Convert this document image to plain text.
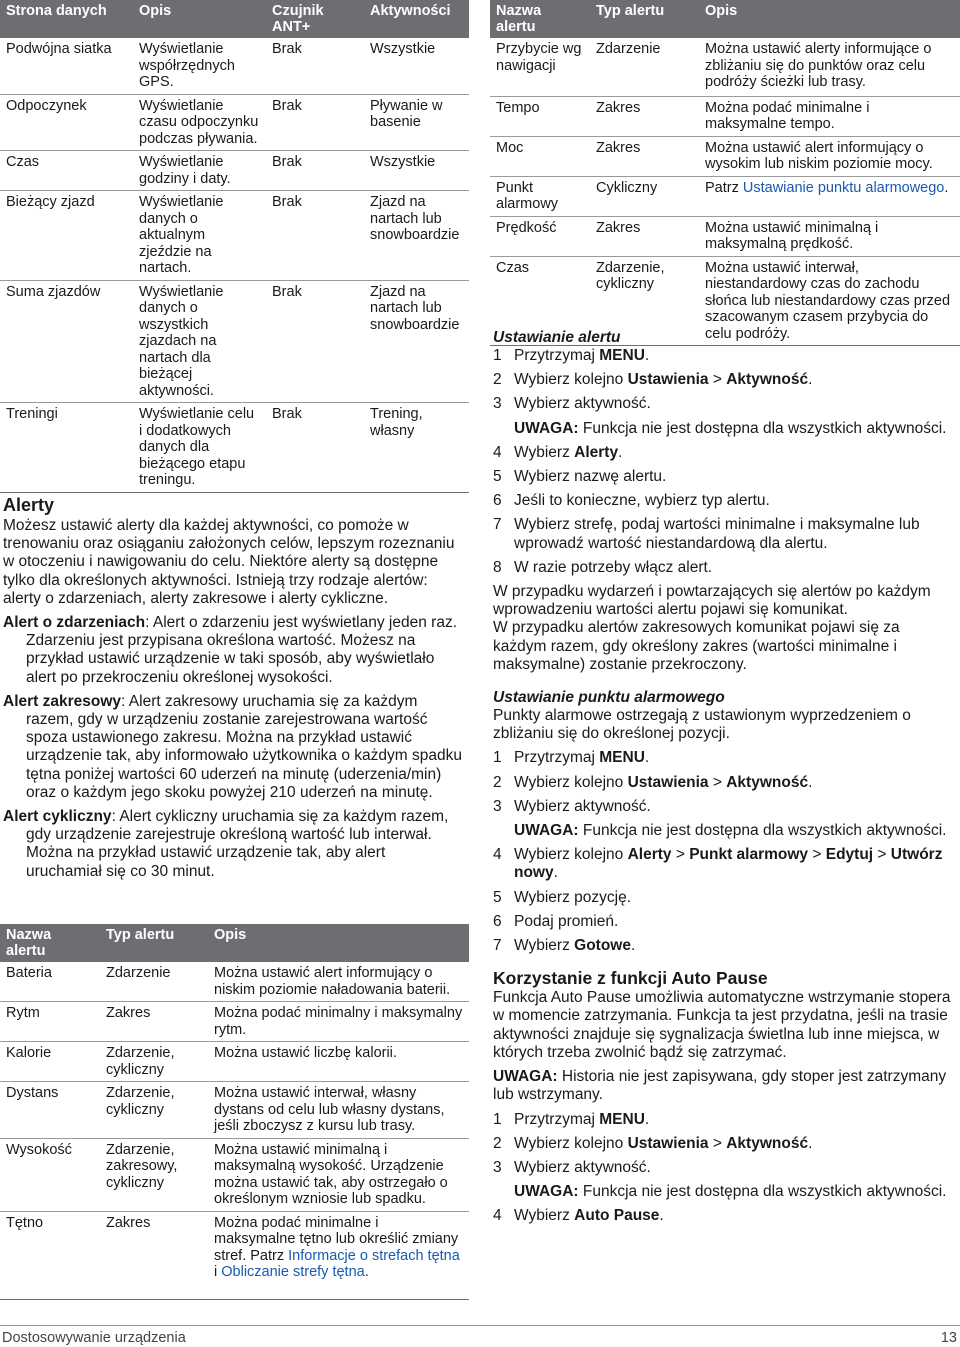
Strona danych	Opis	Czujnik ANT+	Aktywności
Podwójna siatka	Wyświetlanie współrzędnych GPS.	Brak	Wszystkie
Odpoczynek	Wyświetlanie czasu odpoczynku podczas pływania.	Brak	Pływanie w basenie
Czas	Wyświetlanie godziny i daty.	Brak	Wszystkie
Bieżący zjazd	Wyświetlanie danych o aktualnym zjeździe na nartach.	Brak	Zjazd na nartach lub snowboardzie
Suma zjazdów	Wyświetlanie danych o wszystkich zjazdach na nartach dla bieżącej aktywności.	Brak	Zjazd na nartach lub snowboardzie
Treningi	Wyświetlanie celu i dodatkowych danych dla bieżącego etapu treningu.	Brak	Trening, własny
Nazwa alertu	Typ alertu	Opis
Przybycie wg nawigacji	Zdarzenie	Można ustawić alerty informujące o zbliżaniu się do punktów oraz celu podróży ścieżki lub trasy.
Tempo	Zakres	Można podać minimalne i maksymalne tempo.
Moc	Zakres	Można ustawić alert informujący o wysokim lub niskim poziomie mocy.
Punkt alarmowy	Cykliczny	Patrz Ustawianie punktu alarmowego.
Prędkość	Zakres	Można ustawić minimalną i maksymalną prędkość.
Czas	Zdarzenie, cykliczny	Można ustawić interwał, niestandardowy czas do zachodu słońca lub niestandardowy czas przed szacowanym czasem przybycia do celu podróży.
Alerty

Możesz ustawić alerty dla każdej aktywności, co pomoże w trenowaniu oraz osiąganiu założonych celów, lepszym rozeznaniu w otoczeniu i nawigowaniu do celu. Niektóre alerty są dostępne tylko dla określonych aktywności. Istnieją trzy rodzaje alertów: alerty o zdarzeniach, alerty zakresowe i alerty cykliczne.

Alert o zdarzeniach: Alert o zdarzeniu jest wyświetlany jeden raz. Zdarzeniu jest przypisana określona wartość. Możesz na przykład ustawić urządzenie w taki sposób, aby wyświetlało alert po przekroczeniu określonej wysokości.

Alert zakresowy: Alert zakresowy uruchamia się za każdym razem, gdy w urządzeniu zostanie zarejestrowana wartość spoza ustawionego zakresu. Można na przykład ustawić urządzenie tak, aby informowało użytkownika o każdym spadku tętna poniżej wartości 60 uderzeń na minutę (uderzenia/min) oraz o każdym jego skoku powyżej 210 uderzeń na minutę.

Alert cykliczny: Alert cykliczny uruchamia się za każdym razem, gdy urządzenie zarejestruje określoną wartość lub interwał. Można na przykład ustawić urządzenie tak, aby alert uruchamiał się co 30 minut.

Nazwa alertu	Typ alertu	Opis
Bateria	Zdarzenie	Można ustawić alert informujący o niskim poziomie naładowania baterii.
Rytm	Zakres	Można podać minimalny i maksymalny rytm.
Kalorie	Zdarzenie, cykliczny	Można ustawić liczbę kalorii.
Dystans	Zdarzenie, cykliczny	Można ustawić interwał, własny dystans od celu lub własny dystans, jeśli zboczysz z kursu lub trasy.
Wysokość	Zdarzenie, zakresowy, cykliczny	Można ustawić minimalną i maksymalną wysokość. Urządzenie można ustawić tak, aby ostrzegało o określonym wzniosie lub spadku.
Tętno	Zakres	Można podać minimalne i maksymalne tętno lub określić zmiany stref. Patrz Informacje o strefach tętna i Obliczanie strefy tętna.
Ustawianie alertu
1 Przytrzymaj MENU.
2 Wybierz kolejno Ustawienia > Aktywność.
3 Wybierz aktywność.

UWAGA: Funkcja nie jest dostępna dla wszystkich aktywności.

4 Wybierz Alerty.
5 Wybierz nazwę alertu.
6 Jeśli to konieczne, wybierz typ alertu.
7 Wybierz strefę, podaj wartości minimalne i maksymalne lub wprowadź wartość niestandardową dla alertu.
8 W razie potrzeby włącz alert.

W przypadku wydarzeń i powtarzających się alertów po każdym wprowadzeniu wartości alertu pojawi się komunikat.

W przypadku alertów zakresowych komunikat pojawi się za każdym razem, gdy określony zakres (wartości minimalne i maksymalne) zostanie przekroczony.

Ustawianie punktu alarmowego

Punkty alarmowe ostrzegają z ustawionym wyprzedzeniem o zbliżaniu się do określonej pozycji.

1 Przytrzymaj MENU.
2 Wybierz kolejno Ustawienia > Aktywność.
3 Wybierz aktywność.

UWAGA: Funkcja nie jest dostępna dla wszystkich aktywności.

4 Wybierz kolejno Alerty > Punkt alarmowy > Edytuj > Utwórz nowy.
5 Wybierz pozycję.
6 Podaj promień.
7 Wybierz Gotowe.
Korzystanie z funkcji Auto Pause

Funkcja Auto Pause umożliwia automatyczne wstrzymanie stopera w momencie zatrzymania. Funkcja ta jest przydatna, jeśli na trasie aktywności znajduje się sygnalizacja świetlna lub inne miejsca, w których trzeba zwolnić bądź się zatrzymać.

UWAGA: Historia nie jest zapisywana, gdy stoper jest zatrzymany lub wstrzymany.

1 Przytrzymaj MENU.
2 Wybierz kolejno Ustawienia > Aktywność.
3 Wybierz aktywność.

UWAGA: Funkcja nie jest dostępna dla wszystkich aktywności.

4 Wybierz Auto Pause.
Dostosowywanie urządzenia	13
